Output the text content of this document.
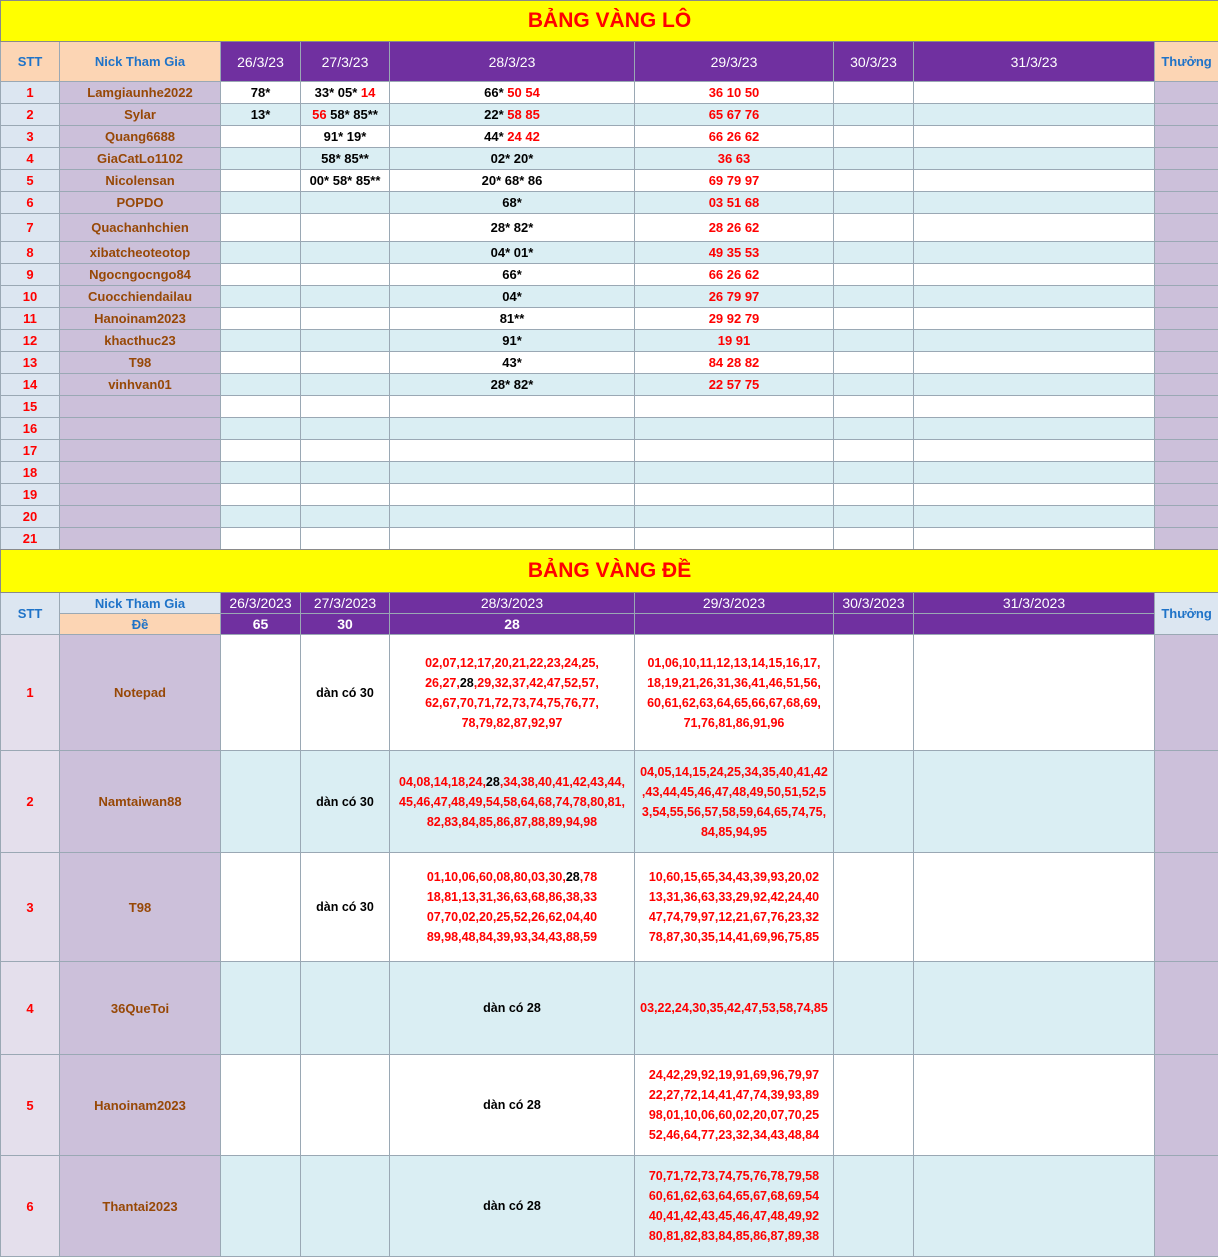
BẢNG VÀNG LÔ								
STT	Nick Tham Gia	26/3/23	27/3/23	28/3/23	29/3/23	30/3/23	31/3/23	Thưởng
1	Lamgiaunhe2022	78*	33* 05* 14	66* 50 54	36 10 50			
2	Sylar	13*	56 58* 85**	22* 58 85	65 67 76			
3	Quang6688		91* 19*	44* 24 42	66 26 62			
4	GiaCatLo1102		58* 85**	02* 20*	36 63			
5	Nicolensan		00* 58* 85**	20* 68* 86	69 79 97			
6	POPDO			68*	03 51 68			
7	Quachanhchien			28* 82*	28 26 62			
8	xibatcheoteotop			04* 01*	49 35 53			
9	Ngocngocngo84			66*	66 26 62			
10	Cuocchiendailau			04*	26 79 97			
11	Hanoinam2023			81**	29 92 79			
12	khacthuc23			91*	19 91			
13	T98			43*	84 28 82			
14	vinhvan01			28* 82*	22 57 75			
15								
16								
17								
18								
19								
20								
21								
BẢNG VÀNG ĐỀ								
STT	Nick Tham Gia	26/3/2023	27/3/2023	28/3/2023	29/3/2023	30/3/2023	31/3/2023	Thưởng
	Đề	65	30	28				
1	Notepad		dàn có 30	02,07,12,17,20,21,22,23,24,25,
26,27,28,29,32,37,42,47,52,57,
62,67,70,71,72,73,74,75,76,77,
78,79,82,87,92,97	01,06,10,11,12,13,14,15,16,17,
18,19,21,26,31,36,41,46,51,56,
60,61,62,63,64,65,66,67,68,69,
71,76,81,86,91,96			
2	Namtaiwan88		dàn có 30	04,08,14,18,24,28,34,38,40,41,42,43,44,
45,46,47,48,49,54,58,64,68,74,78,80,81,
82,83,84,85,86,87,88,89,94,98	04,05,14,15,24,25,34,35,40,41,42
,43,44,45,46,47,48,49,50,51,52,5
3,54,55,56,57,58,59,64,65,74,75,
84,85,94,95			
3	T98		dàn có 30	01,10,06,60,08,80,03,30,28,78
18,81,13,31,36,63,68,86,38,33
07,70,02,20,25,52,26,62,04,40
89,98,48,84,39,93,34,43,88,59	10,60,15,65,34,43,39,93,20,02
13,31,36,63,33,29,92,42,24,40
47,74,79,97,12,21,67,76,23,32
78,87,30,35,14,41,69,96,75,85			
4	36QueToi			dàn có 28	03,22,24,30,35,42,47,53,58,74,85			
5	Hanoinam2023			dàn có 28	24,42,29,92,19,91,69,96,79,97
22,27,72,14,41,47,74,39,93,89
98,01,10,06,60,02,20,07,70,25
52,46,64,77,23,32,34,43,48,84			
6	Thantai2023			dàn có 28	70,71,72,73,74,75,76,78,79,58
60,61,62,63,64,65,67,68,69,54
40,41,42,43,45,46,47,48,49,92
80,81,82,83,84,85,86,87,89,38			
